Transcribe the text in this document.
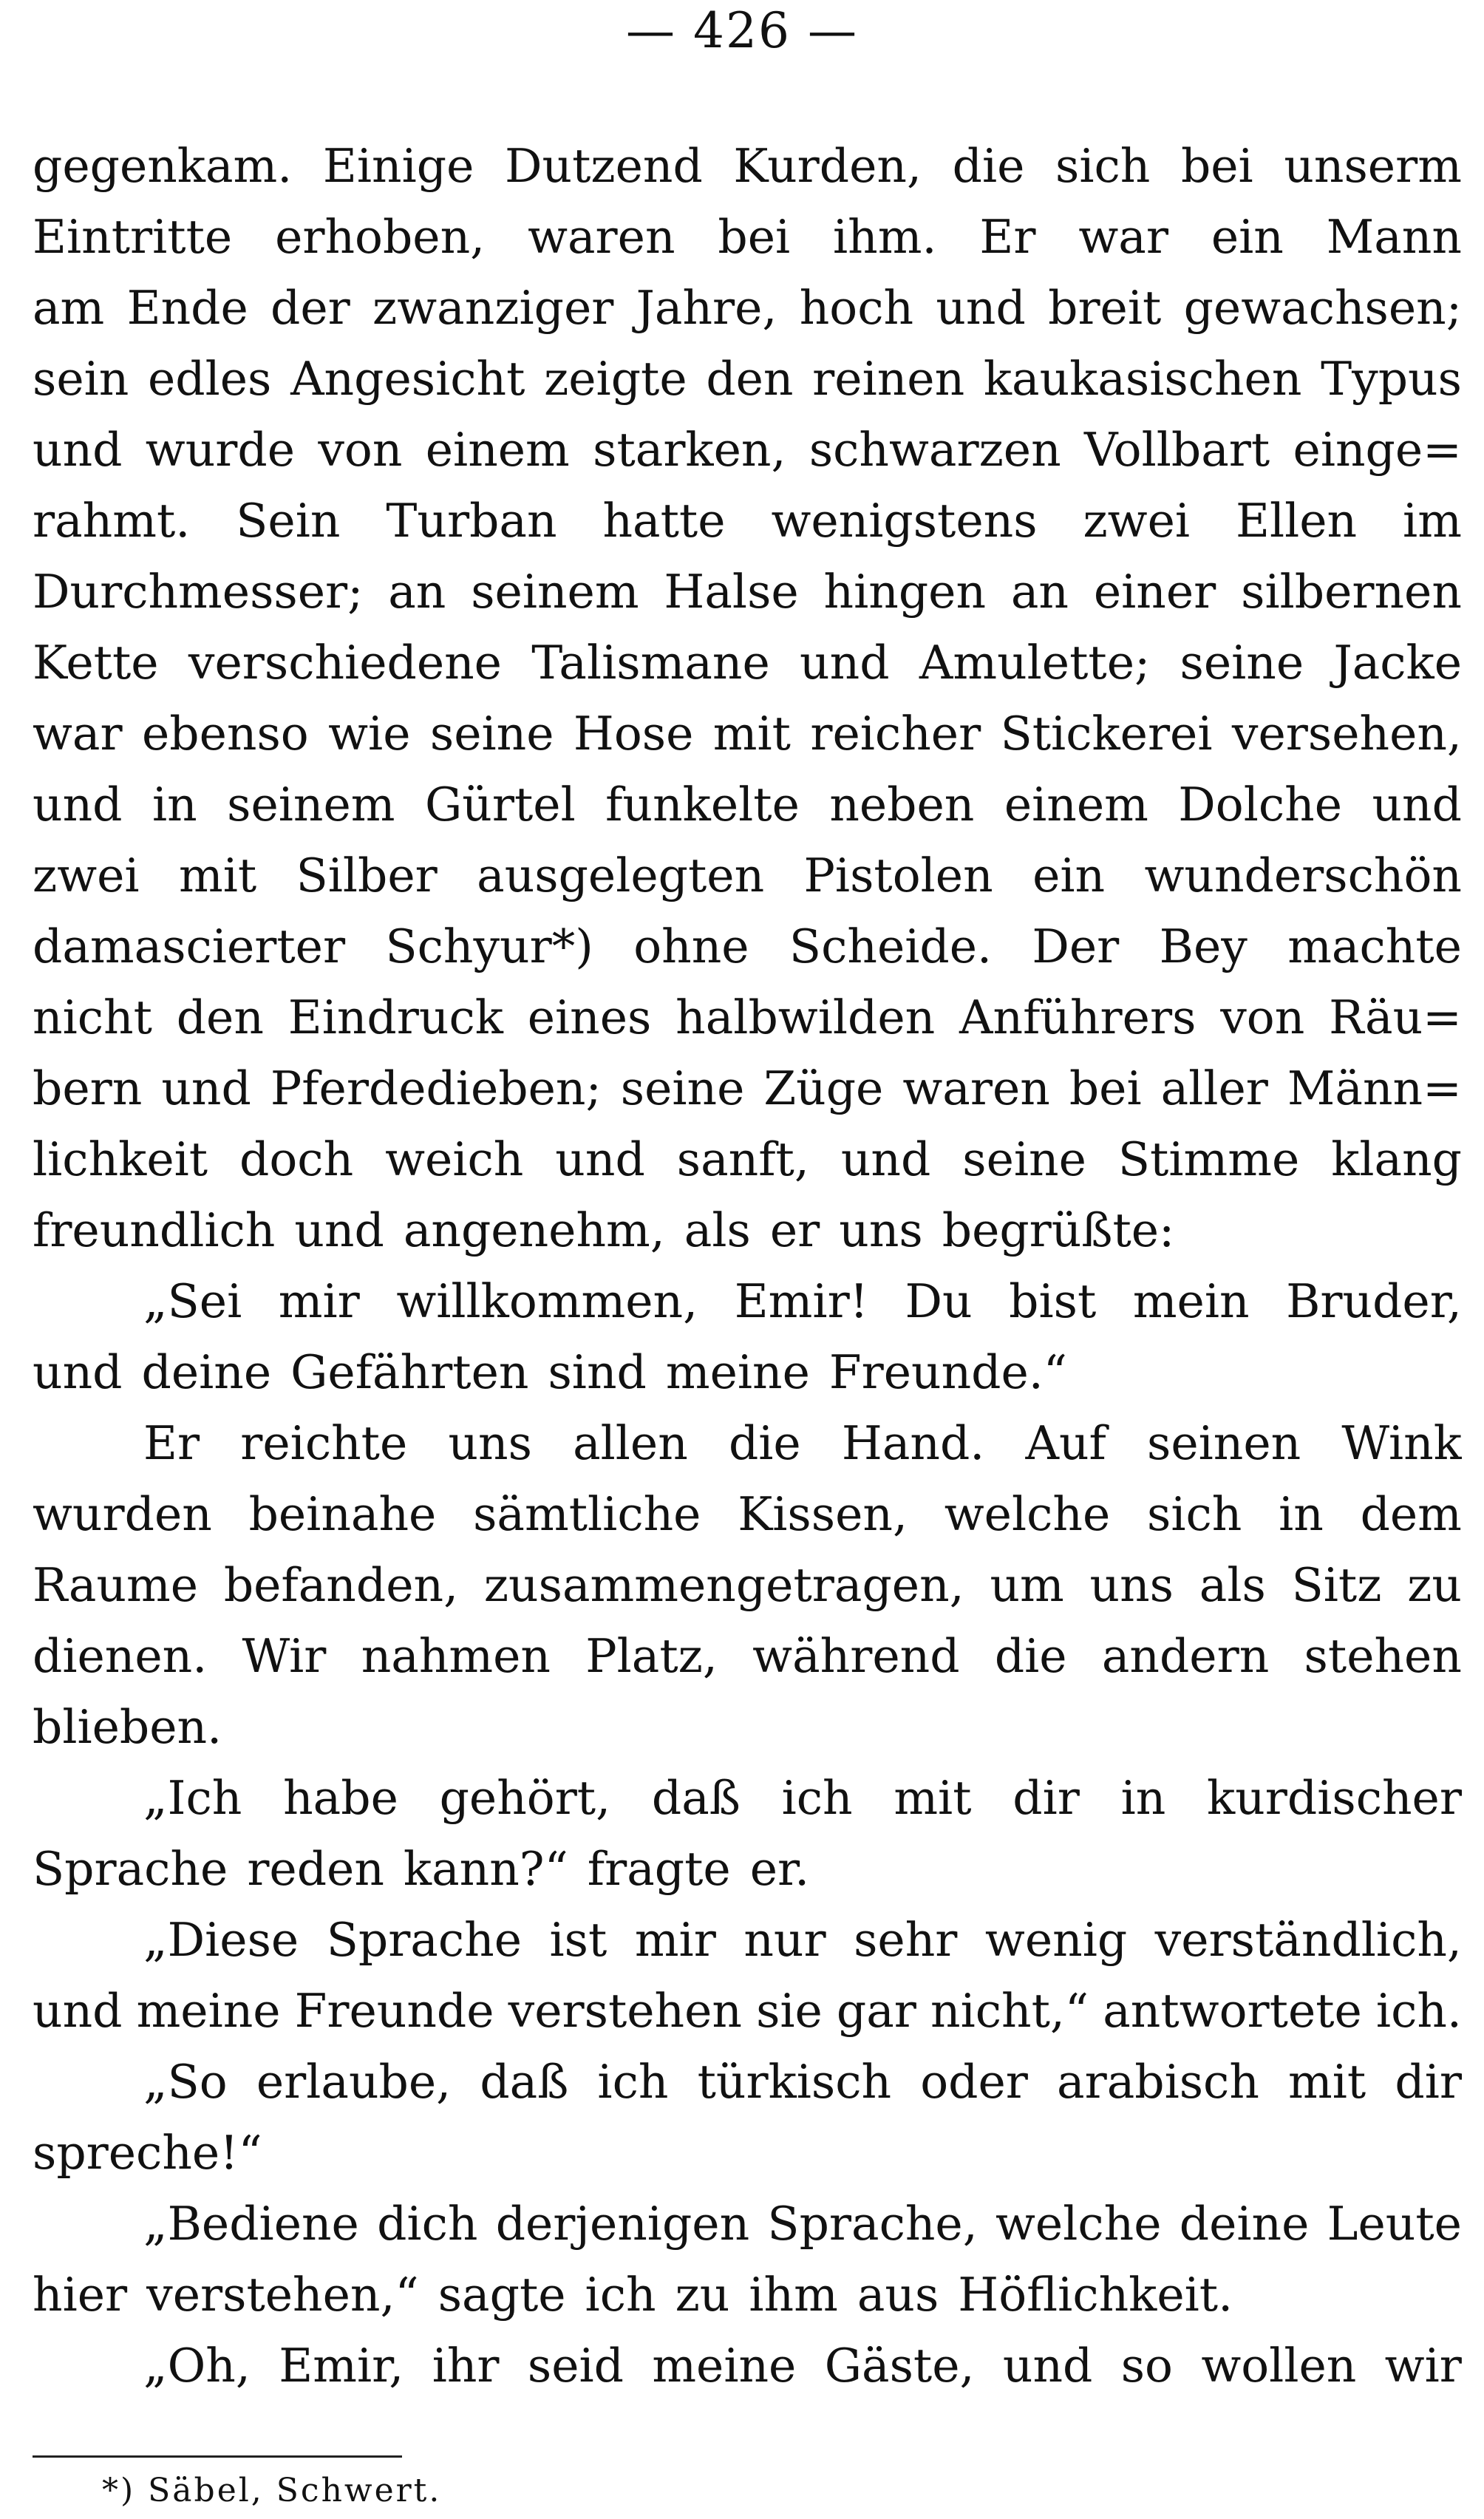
— 426 —
gegenkam. Einige Dutzend Kurden, die sich bei unserm
Eintritte erhoben, waren bei ihm. Er war ein Mann
am Ende der zwanziger Jahre, hoch und breit gewachsen;
sein edles Angesicht zeigte den reinen kaukasischen Typus
und wurde von einem starken, schwarzen Vollbart einge=
rahmt. Sein Turban hatte wenigstens zwei Ellen im
Durchmesser; an seinem Halse hingen an einer silbernen
Kette verschiedene Talismane und Amulette; seine Jacke
war ebenso wie seine Hose mit reicher Stickerei versehen,
und in seinem Gürtel funkelte neben einem Dolche und
zwei mit Silber ausgelegten Pistolen ein wunderschön
damascierter Schyur*) ohne Scheide. Der Bey machte
nicht den Eindruck eines halbwilden Anführers von Räu=
bern und Pferdedieben; seine Züge waren bei aller Männ=
lichkeit doch weich und sanft, und seine Stimme klang
freundlich und angenehm, als er uns begrüßte:
„Sei mir willkommen, Emir! Du bist mein Bruder,
und deine Gefährten sind meine Freunde.“
Er reichte uns allen die Hand. Auf seinen Wink
wurden beinahe sämtliche Kissen, welche sich in dem
Raume befanden, zusammengetragen, um uns als Sitz zu
dienen. Wir nahmen Platz, während die andern stehen
blieben.
„Ich habe gehört, daß ich mit dir in kurdischer
Sprache reden kann?“ fragte er.
„Diese Sprache ist mir nur sehr wenig verständlich,
und meine Freunde verstehen sie gar nicht,“ antwortete ich.
„So erlaube, daß ich türkisch oder arabisch mit dir
spreche!“
„Bediene dich derjenigen Sprache, welche deine Leute
hier verstehen,“ sagte ich zu ihm aus Höflichkeit.
„Oh, Emir, ihr seid meine Gäste, und so wollen wir
*) Säbel, Schwert.
